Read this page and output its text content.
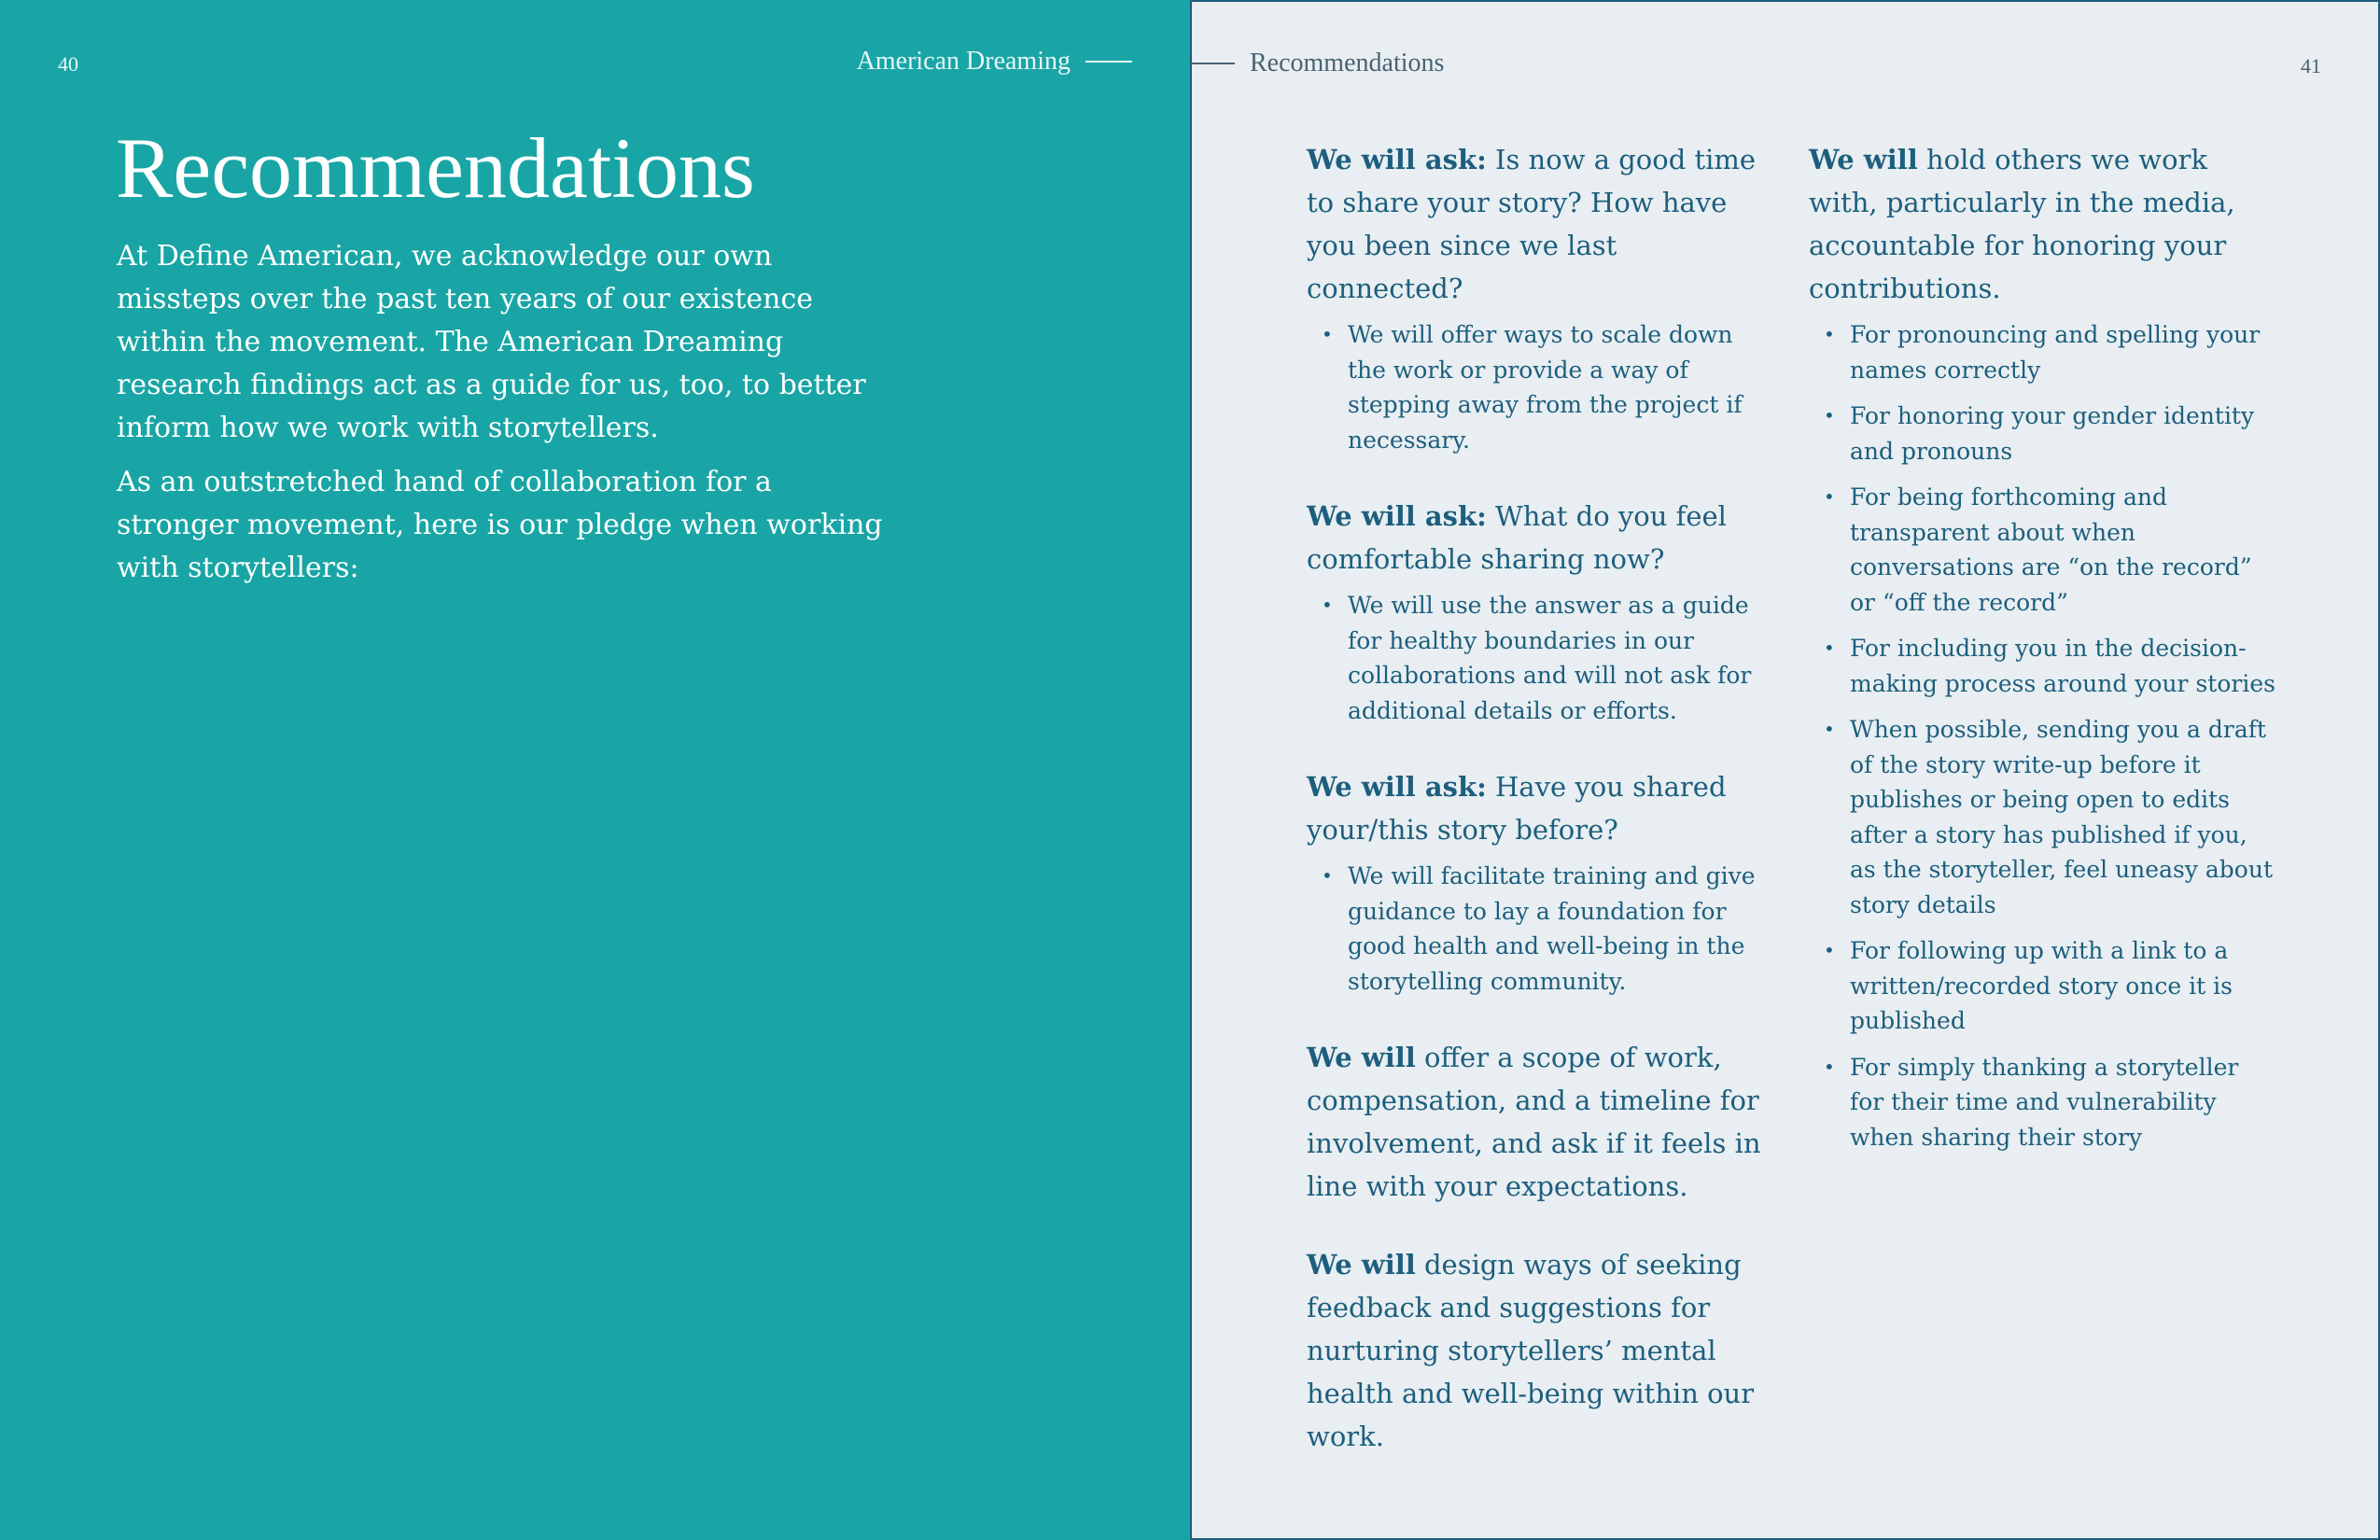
40	American Dreaming
Recommendations

At Define American, we acknowledge our own missteps over the past ten years of our existence within the movement. The American Dreaming research findings act as a guide for us, too, to better inform how we work with storytellers.

As an outstretched hand of collaboration for a stronger movement, here is our pledge when working with storytellers:

Recommendations	41

We will ask: Is now a good time to share your story? How have you been since we last connected?

• We will offer ways to scale down the work or provide a way of stepping away from the project if necessary.

We will ask: What do you feel comfortable sharing now?

• We will use the answer as a guide for healthy boundaries in our collaborations and will not ask for additional details or efforts.

We will ask: Have you shared your/this story before?

• We will facilitate training and give guidance to lay a foundation for good health and well-being in the storytelling community.

We will offer a scope of work, compensation, and a timeline for involvement, and ask if it feels in line with your expectations.

We will design ways of seeking feedback and suggestions for nurturing storytellers’ mental health and well-being within our work.

We will hold others we work with, particularly in the media, accountable for honoring your contributions.

• For pronouncing and spelling your names correctly
• For honoring your gender identity and pronouns
• For being forthcoming and transparent about when conversations are “on the record” or “off the record”
• For including you in the decision-making process around your stories
• When possible, sending you a draft of the story write-up before it publishes or being open to edits after a story has published if you, as the storyteller, feel uneasy about story details
• For following up with a link to a written/recorded story once it is published
• For simply thanking a storyteller for their time and vulnerability when sharing their story
